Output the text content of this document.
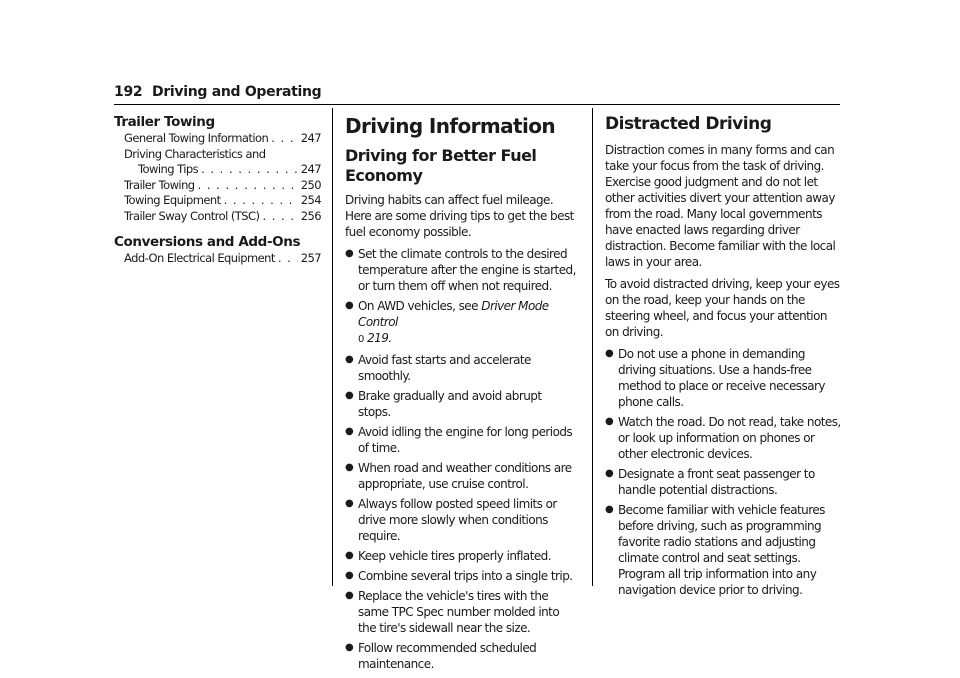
192 Driving and Operating

Trailer Towing

General Towing Information . . .	247
Driving Characteristics and
Towing Tips . . .	247
Trailer Towing . . .	250
Towing Equipment . . .	254
Trailer Sway Control (TSC) . . .	256

Conversions and Add-Ons

Add-On Electrical Equipment . . . 257
Driving Information
Driving for Better Fuel Economy

Driving habits can affect fuel mileage. Here are some driving tips to get the best fuel economy possible.

● Set the climate controls to the desired temperature after the engine is started, or turn them off when not required.
● On AWD vehicles, see Driver Mode Control
0 219.
● Avoid fast starts and accelerate smoothly.
● Brake gradually and avoid abrupt stops.
● Avoid idling the engine for long periods of time.
● When road and weather conditions are appropriate, use cruise control.
● Always follow posted speed limits or drive more slowly when conditions require.
● Keep vehicle tires properly inflated.
● Combine several trips into a single trip.
● Replace the vehicle's tires with the same TPC Spec number molded into the tire's sidewall near the size.
● Follow recommended scheduled maintenance.
Distracted Driving

Distraction comes in many forms and can take your focus from the task of driving. Exercise good judgment and do not let other activities divert your attention away from the road. Many local governments have enacted laws regarding driver distraction. Become familiar with the local laws in your area.

To avoid distracted driving, keep your eyes on the road, keep your hands on the steering wheel, and focus your attention on driving.

● Do not use a phone in demanding driving situations. Use a hands-free method to place or receive necessary phone calls.
● Watch the road. Do not read, take notes, or look up information on phones or other electronic devices.
● Designate a front seat passenger to handle potential distractions.
● Become familiar with vehicle features before driving, such as programming favorite radio stations and adjusting climate control and seat settings. Program all trip information into any navigation device prior to driving.
